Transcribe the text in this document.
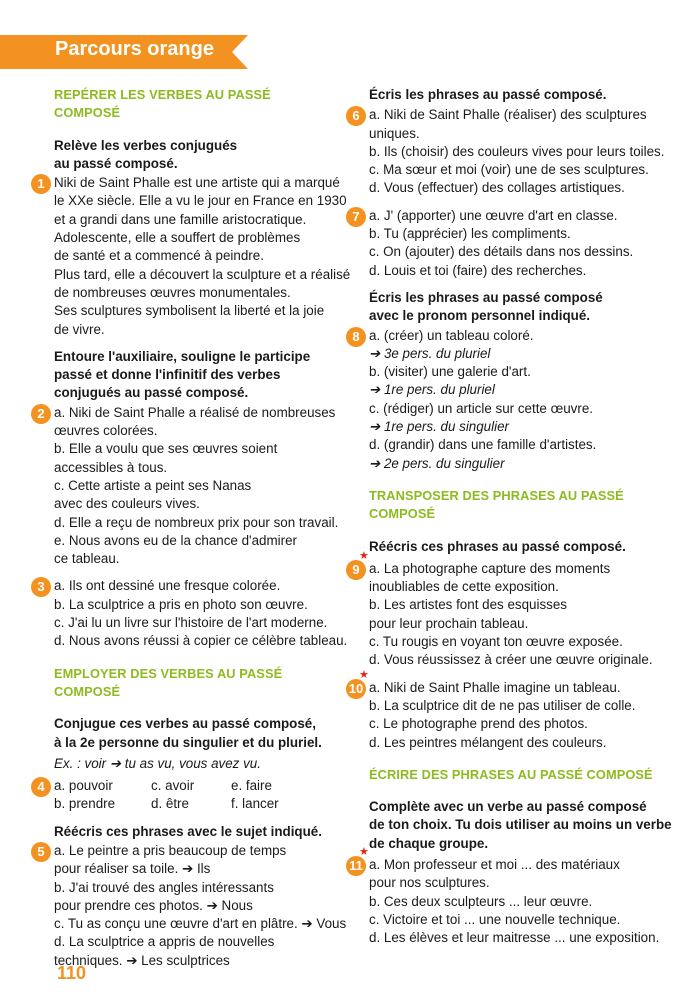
Parcours orange
REPÉRER LES VERBES AU PASSÉ COMPOSÉ
Relève les verbes conjugués
au passé composé.
1 Niki de Saint Phalle est une artiste qui a marqué
le XXe siècle. Elle a vu le jour en France en 1930
et a grandi dans une famille aristocratique.
Adolescente, elle a souffert de problèmes
de santé et a commencé à peindre.
Plus tard, elle a découvert la sculpture et a réalisé
de nombreuses œuvres monumentales.
Ses sculptures symbolisent la liberté et la joie
de vivre.
Entoure l'auxiliaire, souligne le participe
passé et donne l'infinitif des verbes
conjugués au passé composé.
2 a. Niki de Saint Phalle a réalisé de nombreuses
œuvres colorées.
b. Elle a voulu que ses œuvres soient
accessibles à tous.
c. Cette artiste a peint ses Nanas
avec des couleurs vives.
d. Elle a reçu de nombreux prix pour son travail.
e. Nous avons eu de la chance d'admirer
ce tableau.
3 a. Ils ont dessiné une fresque colorée.
b. La sculptrice a pris en photo son œuvre.
c. J'ai lu un livre sur l'histoire de l'art moderne.
d. Nous avons réussi à copier ce célèbre tableau.
EMPLOYER DES VERBES AU PASSÉ COMPOSÉ
Conjugue ces verbes au passé composé,
à la 2e personne du singulier et du pluriel.
Ex. : voir ➔ tu as vu, vous avez vu.
4 a. pouvoir	c. avoir	e. faire
b. prendre	d. être	f. lancer
Réécris ces phrases avec le sujet indiqué.
5 a. Le peintre a pris beaucoup de temps
pour réaliser sa toile. ➔ Ils
b. J'ai trouvé des angles intéressants
pour prendre ces photos. ➔ Nous
c. Tu as conçu une œuvre d'art en plâtre. ➔ Vous
d. La sculptrice a appris de nouvelles
techniques. ➔ Les sculptrices
Écris les phrases au passé composé.
6 a. Niki de Saint Phalle (réaliser) des sculptures
uniques.
b. Ils (choisir) des couleurs vives pour leurs toiles.
c. Ma sœur et moi (voir) une de ses sculptures.
d. Vous (effectuer) des collages artistiques.
7 a. J' (apporter) une œuvre d'art en classe.
b. Tu (apprécier) les compliments.
c. On (ajouter) des détails dans nos dessins.
d. Louis et toi (faire) des recherches.
Écris les phrases au passé composé
avec le pronom personnel indiqué.
8 a. (créer) un tableau coloré.
➔ 3e pers. du pluriel
b. (visiter) une galerie d'art.
➔ 1re pers. du pluriel
c. (rédiger) un article sur cette œuvre.
➔ 1re pers. du singulier
d. (grandir) dans une famille d'artistes.
➔ 2e pers. du singulier
TRANSPOSER DES PHRASES AU PASSÉ COMPOSÉ
Réécris ces phrases au passé composé.
9
★
a. La photographe capture des moments
inoubliables de cette exposition.
b. Les artistes font des esquisses
pour leur prochain tableau.
c. Tu rougis en voyant ton œuvre exposée.
d. Vous réussissez à créer une œuvre originale.
10
★
a. Niki de Saint Phalle imagine un tableau.
b. La sculptrice dit de ne pas utiliser de colle.
c. Le photographe prend des photos.
d. Les peintres mélangent des couleurs.
ÉCRIRE DES PHRASES AU PASSÉ COMPOSÉ
Complète avec un verbe au passé composé
de ton choix. Tu dois utiliser au moins un verbe
de chaque groupe.
11
★
a. Mon professeur et moi ... des matériaux
pour nos sculptures.
b. Ces deux sculpteurs ... leur œuvre.
c. Victoire et toi ... une nouvelle technique.
d. Les élèves et leur maitresse ... une exposition.
110
